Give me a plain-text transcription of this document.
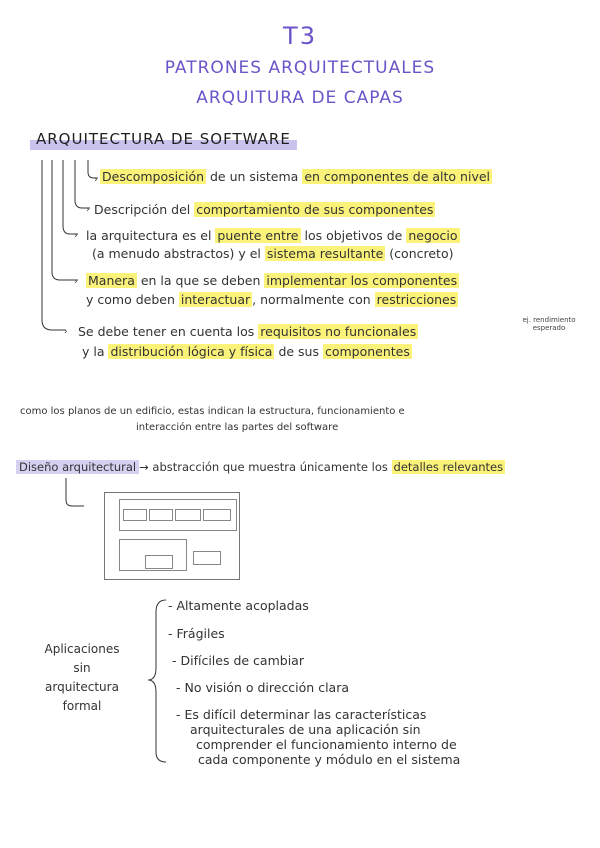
T3
PATRONES ARQUITECTUALES
ARQUITURA DE CAPAS
ARQUITECTURA DE SOFTWARE
›
›
›
›
›
Descomposición de un sistema en componentes de alto nivel
Descripción del comportamiento de sus componentes
la arquitectura es el puente entre los objetivos de negocio
(a menudo abstractos) y el sistema resultante (concreto)
Manera en la que se deben implementar los componentes
y como deben interactuar , normalmente con restricciones
Se debe tener en cuenta los requisitos no funcionales
ej. rendimiento esperado
y la distribución lógica y física de sus componentes
como los planos de un edificio, estas indican la estructura, funcionamiento e
interacción entre las partes del software
Diseño arquitectural → abstracción que muestra únicamente los detalles relevantes
Aplicaciones
sin
arquitectura
formal
- Altamente acopladas
- Frágiles
- Difíciles de cambiar
- No visión o dirección clara
- Es difícil determinar las características
arquitecturales de una aplicación sin
comprender el funcionamiento interno de
cada componente y módulo en el sistema
